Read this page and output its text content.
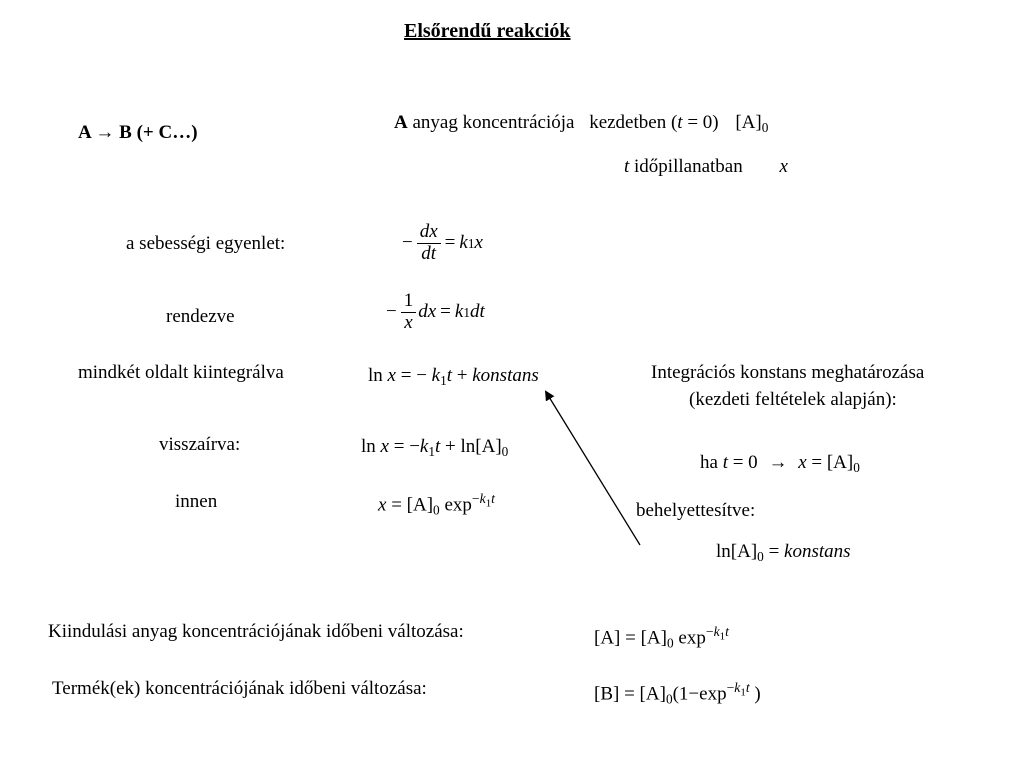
Elsőrendű reakciók
A → B (+ C…)	A anyag koncentrációja kezdetben (t = 0) $[A]_0$
t időpillanatban x
a sebességi egyenlet:	− $\frac{dx}{dt} = k$ 1 x
rendezve	− $\frac{1}{x}$ dx = k 1 dt
mindkét oldalt kiintegrálva	ln x = − $k_1t$ + konstans	Integrációs konstans meghatározása
(kezdeti feltételek alapján):
visszaírva:	$\ln x = -k_1t + \ln[A]_0$
ha $t = 0 \to x = [A]_0$
innen	$x = [A]_0$ $\exp^{-k_1t}$
behelyettesítve:
$\ln[A]_0$ = konstans
Kiindulási anyag koncentrációjának időbeni változása:	$[A] = [A]_0$ $\exp^{-k_1t}$
Termék(ek) koncentrációjának időbeni változása:	$[B] = [A]_0(1-\exp^{-k_1t}$ )
